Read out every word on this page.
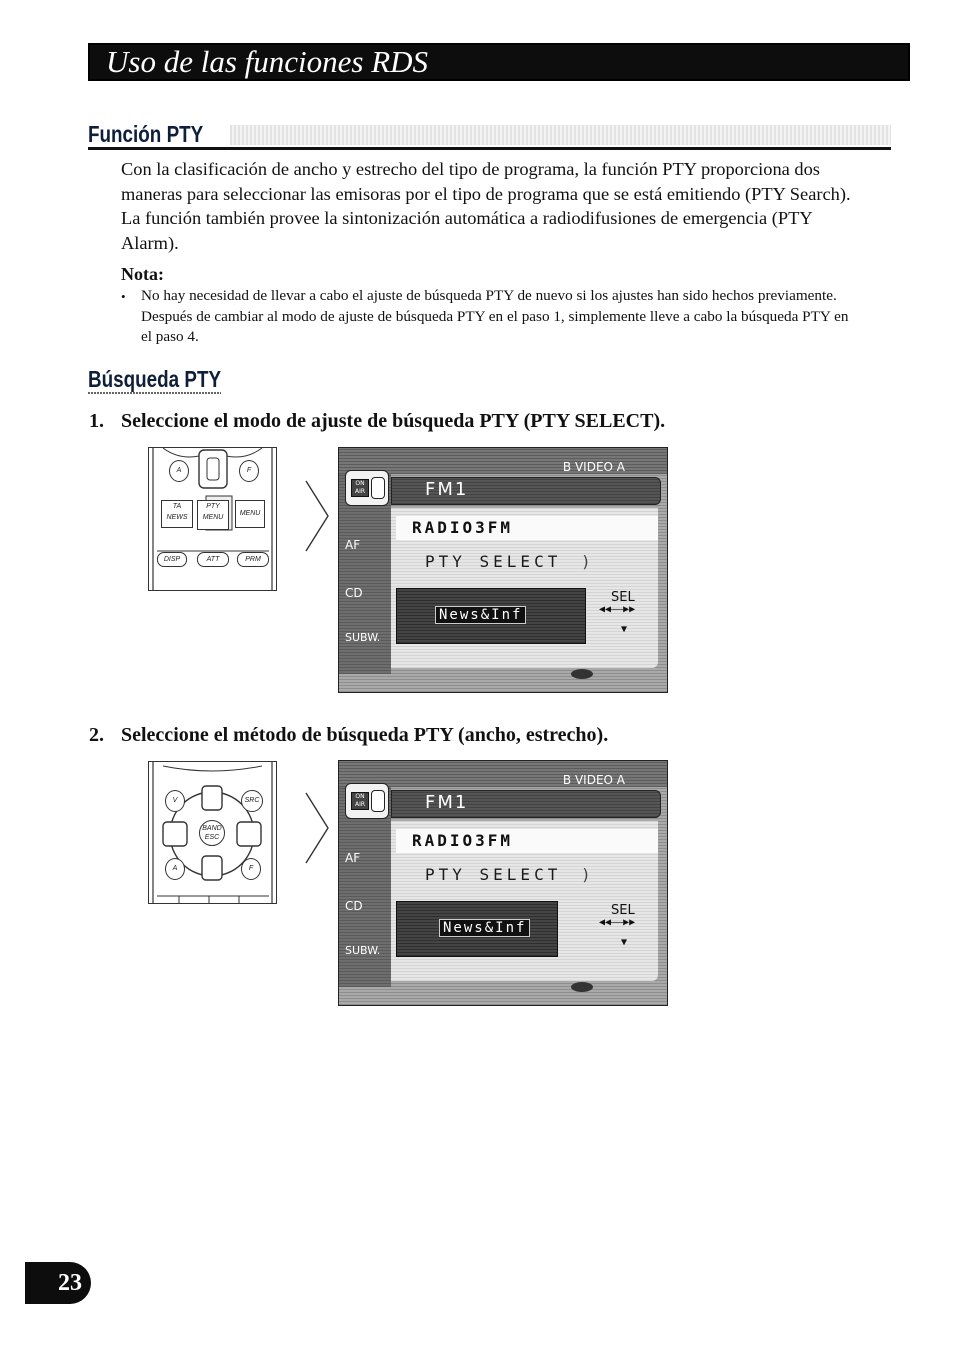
Uso de las funciones RDS
Función PTY
Con la clasificación de ancho y estrecho del tipo de programa, la función PTY proporciona dos maneras para seleccionar las emisoras por el tipo de programa que se está emitiendo (PTY Search). La función también provee la sintonización automática a radiodifusiones de emergencia (PTY Alarm).
Nota:
• No hay necesidad de llevar a cabo el ajuste de búsqueda PTY de nuevo si los ajustes han sido hechos previamente. Después de cambiar al modo de ajuste de búsqueda PTY en el paso 1, simplemente lleve a cabo la búsqueda PTY en el paso 4.
Búsqueda PTY
1. Seleccione el modo de ajuste de búsqueda PTY (PTY SELECT).
2. Seleccione el método de búsqueda PTY (ancho, estrecho).
A	F
TA NEWS
PTY MENU
MENU
DISP	ATT	PRM
V	SRC
BAND ESC
A	F
B VIDEO A
FM1
ON AIR
RADIO3FM
PTY SELECT )
News&Inf
AF
CD
SUBW.
SEL
◀◀——▶▶
▼
B VIDEO A
FM1
ON AIR
RADIO3FM
PTY SELECT )
News&Inf
AF
CD
SUBW.
SEL
◀◀——▶▶
▼
23
